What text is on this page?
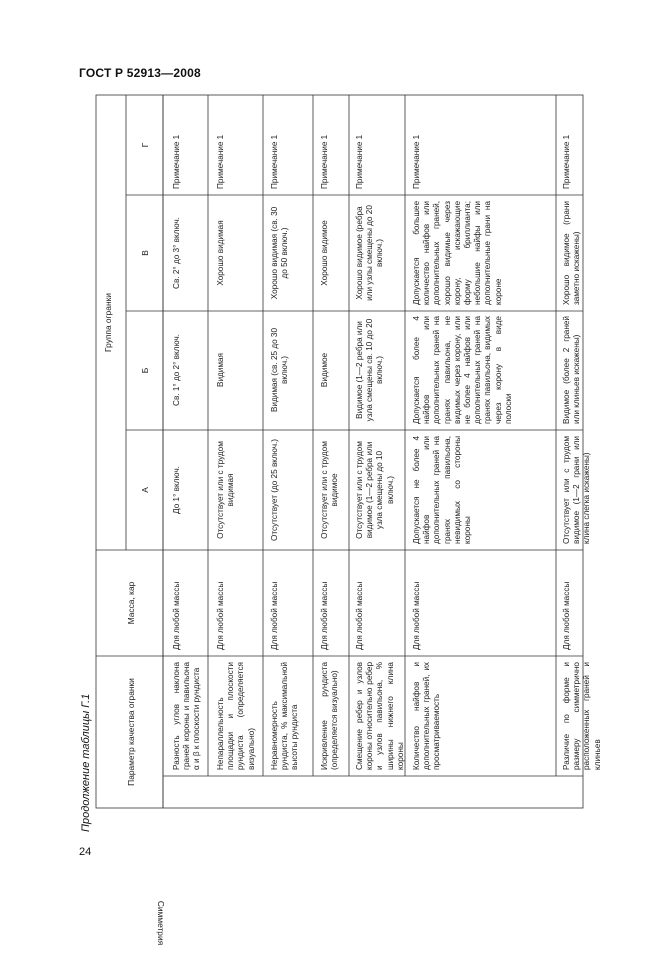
ГОСТ Р 52913—2008
Продолжение таблицы Г.1	Параметр качества огранки
Масса, кар
Группа огранки
А
Б
В
Г
Симметрия
Разность углов наклона граней короны и павильона α и β к плоскости рундиста
Для любой массы
До 1° включ.
Св. 1° до 2° включ.
Св. 2° до 3° включ.
Примечание 1
Непараллельность площадки и плоскости рундиста (определяется визуально)
Для любой массы
Отсутствует или с трудом видимая
Видимая
Хорошо видимая
Примечание 1
Неравномерность рундиста, % максимальной высоты рундиста
Для любой массы
Отсутствует (до 25 включ.)
Видимая (св. 25 до 30 включ.)
Хорошо видимая (св. 30 до 50 включ.)
Примечание 1
Искривление рундиста (определяется визуально)
Для любой массы
Отсутствует или с трудом видимое
Видимое
Хорошо видимое
Примечание 1
Смещение ребер и узлов короны относительно ребер и узлов павильона, % ширины нижнего клина короны
Для любой массы
Отсутствует или с трудом видимое (1—2 ребра или узла смещены до 10 включ.)
Видимое (1—2 ребра или узла смещены св. 10 до 20 включ.)
Хорошо видимое (ребра или узлы смещены до 20 включ.)
Примечание 1
Количество найфов и дополнительных граней, их просматриваемость
Для любой массы
Допускается не более 4 найфов или дополнительных граней на гранях павильона, невидимых со стороны короны
Допускается более 4 найфов или дополнительных граней на гранях павильона, не видимых через корону, или не более 4 найфов или дополнительных граней на гранях павильона, видимых через корону в виде полоски
Допускается большее количество найфов или дополнительных граней, хорошо видимые через корону, искажающие форму бриллианта; небольшие найфы или дополнительные грани на короне
Примечание 1
Различие по форме и размеру симметрично расположенных граней и клиньев
Для любой массы
Отсутствует или с трудом видимое (1—2 грани или клина слегка искажены)
Видимое (более 2 граней или клиньев искажены)
Хорошо видимое (грани заметно искажены)
Примечание 1
24
